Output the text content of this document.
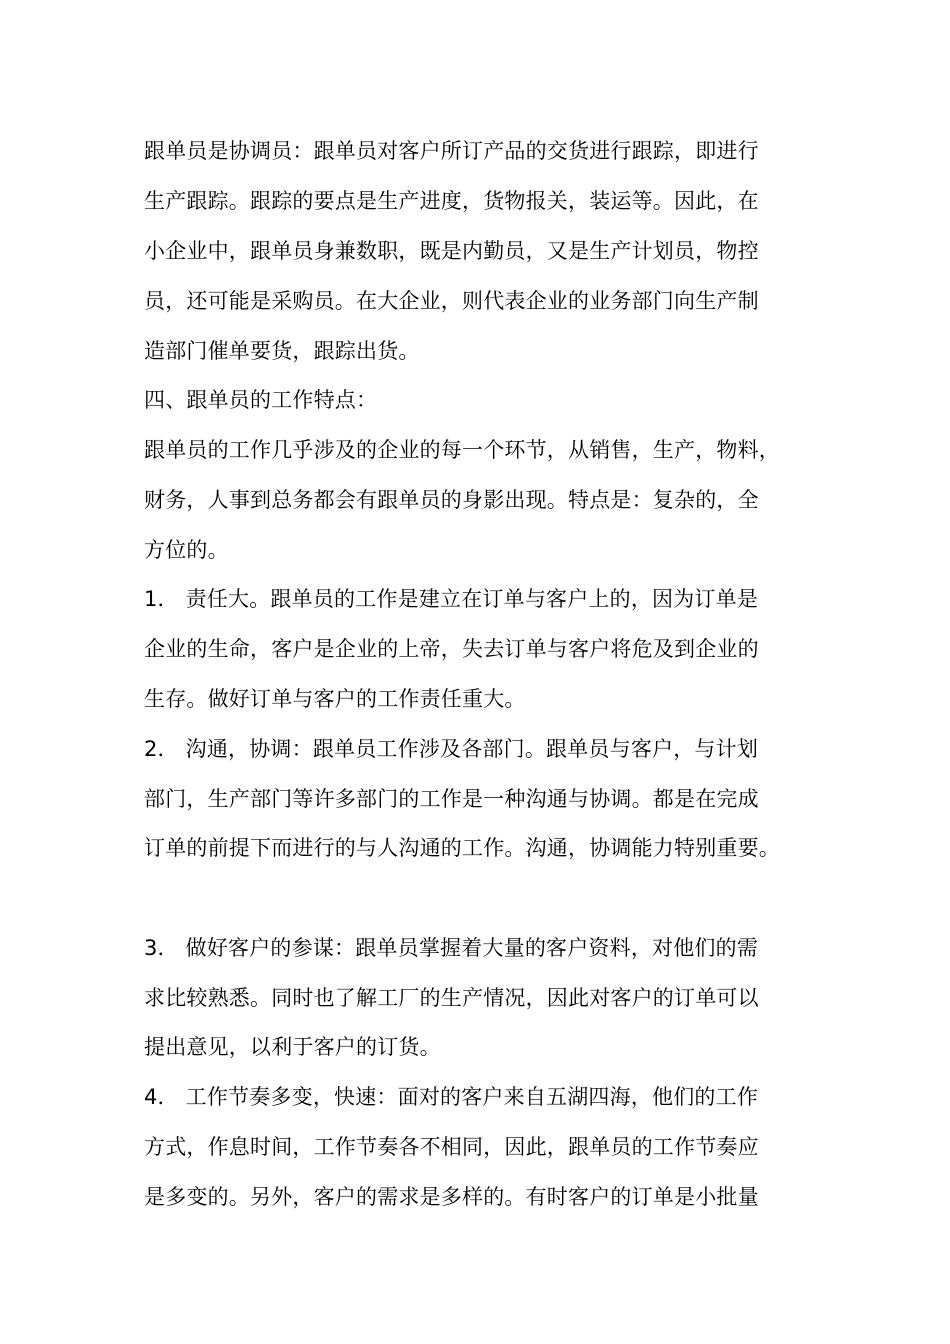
跟单员是协调员：跟单员对客户所订产品的交货进行跟踪，即进行
生产跟踪。跟踪的要点是生产进度，货物报关，装运等。因此，在
小企业中，跟单员身兼数职，既是内勤员，又是生产计划员，物控
员，还可能是采购员。在大企业，则代表企业的业务部门向生产制
造部门催单要货，跟踪出货。
四、跟单员的工作特点：
跟单员的工作几乎涉及的企业的每一个环节，从销售，生产，物料，
财务，人事到总务都会有跟单员的身影出现。特点是：复杂的，全
方位的。
1． 责任大。跟单员的工作是建立在订单与客户上的，因为订单是
企业的生命，客户是企业的上帝，失去订单与客户将危及到企业的
生存。做好订单与客户的工作责任重大。
2． 沟通，协调：跟单员工作涉及各部门。跟单员与客户，与计划
部门，生产部门等许多部门的工作是一种沟通与协调。都是在完成
订单的前提下而进行的与人沟通的工作。沟通，协调能力特别重要。
3． 做好客户的参谋：跟单员掌握着大量的客户资料，对他们的需
求比较熟悉。同时也了解工厂的生产情况，因此对客户的订单可以
提出意见，以利于客户的订货。
4． 工作节奏多变，快速：面对的客户来自五湖四海，他们的工作
方式，作息时间，工作节奏各不相同，因此，跟单员的工作节奏应
是多变的。另外，客户的需求是多样的。有时客户的订单是小批量
